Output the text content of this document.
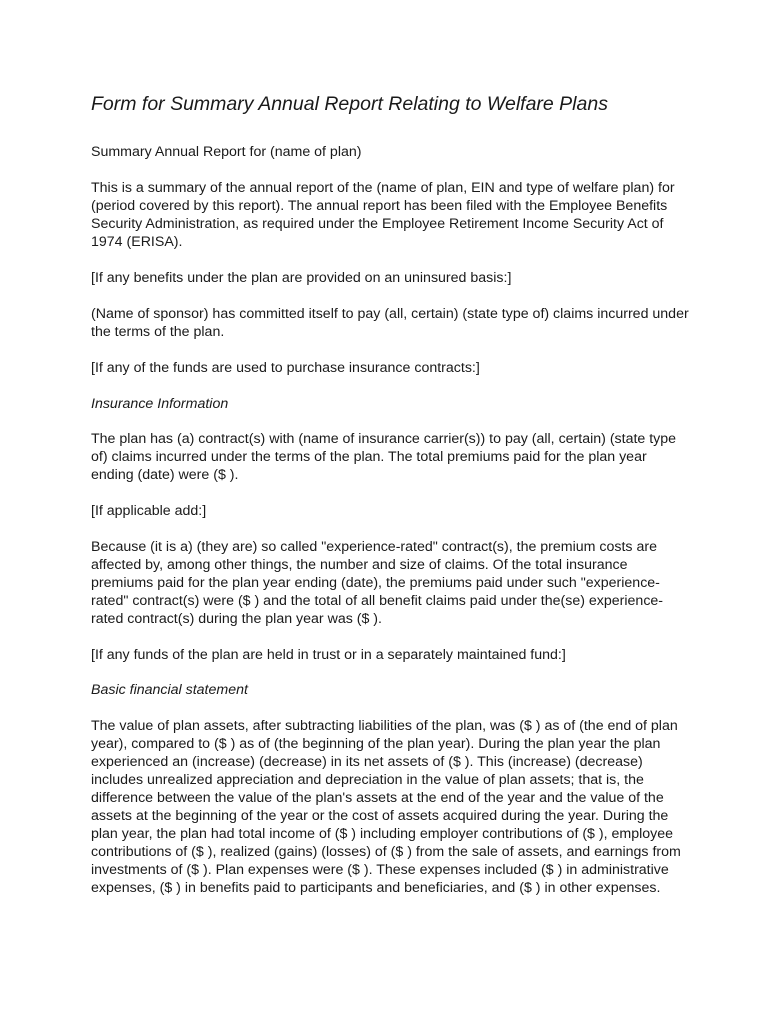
Form for Summary Annual Report Relating to Welfare Plans

Summary Annual Report for (name of plan)

This is a summary of the annual report of the (name of plan, EIN and type of welfare plan) for (period covered by this report). The annual report has been filed with the Employee Benefits Security Administration, as required under the Employee Retirement Income Security Act of 1974 (ERISA).

[If any benefits under the plan are provided on an uninsured basis:]

(Name of sponsor) has committed itself to pay (all, certain) (state type of) claims incurred under the terms of the plan.

[If any of the funds are used to purchase insurance contracts:]

Insurance Information

The plan has (a) contract(s) with (name of insurance carrier(s)) to pay (all, certain) (state type of) claims incurred under the terms of the plan. The total premiums paid for the plan year ending (date) were ($ ).

[If applicable add:]

Because (it is a) (they are) so called "experience-rated" contract(s), the premium costs are affected by, among other things, the number and size of claims. Of the total insurance premiums paid for the plan year ending (date), the premiums paid under such "experience-rated" contract(s) were ($ ) and the total of all benefit claims paid under the(se) experience-rated contract(s) during the plan year was ($ ).

[If any funds of the plan are held in trust or in a separately maintained fund:]

Basic financial statement

The value of plan assets, after subtracting liabilities of the plan, was ($ ) as of (the end of plan year), compared to ($ ) as of (the beginning of the plan year). During the plan year the plan experienced an (increase) (decrease) in its net assets of ($ ). This (increase) (decrease) includes unrealized appreciation and depreciation in the value of plan assets; that is, the difference between the value of the plan's assets at the end of the year and the value of the assets at the beginning of the year or the cost of assets acquired during the year. During the plan year, the plan had total income of ($ ) including employer contributions of ($ ), employee contributions of ($ ), realized (gains) (losses) of ($ ) from the sale of assets, and earnings from investments of ($ ). Plan expenses were ($ ). These expenses included ($ ) in administrative expenses, ($ ) in benefits paid to participants and beneficiaries, and ($ ) in other expenses.
